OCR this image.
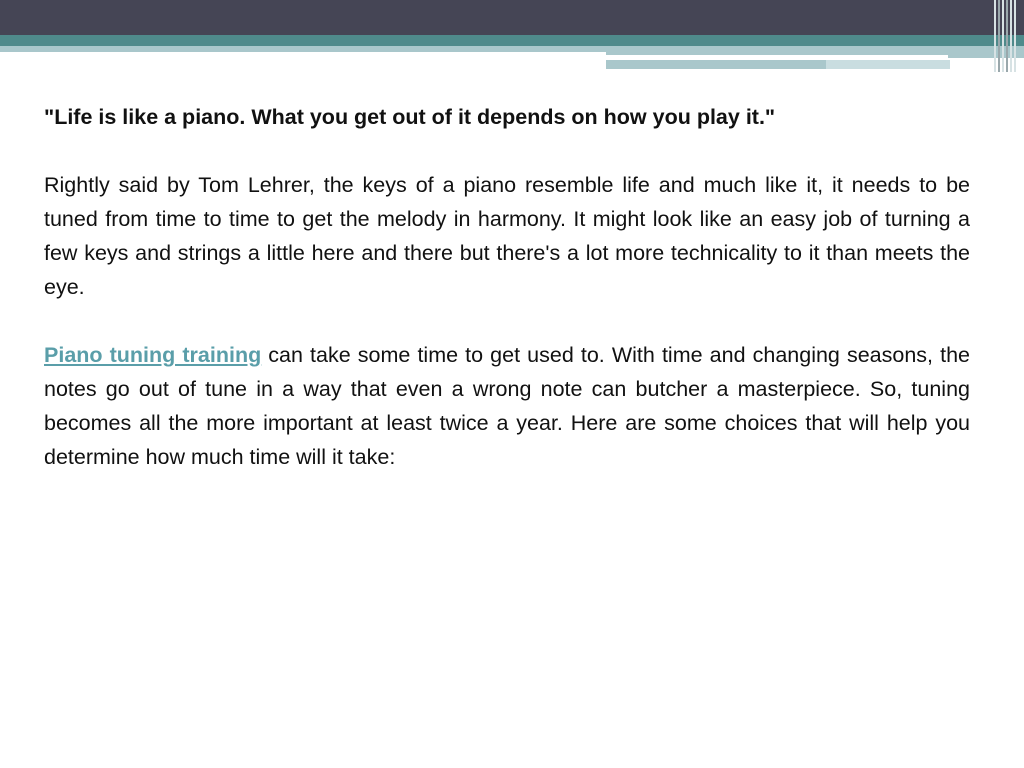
"Life is like a piano. What you get out of it depends on how you play it."

Rightly said by Tom Lehrer, the keys of a piano resemble life and much like it, it needs to be tuned from time to time to get the melody in harmony. It might look like an easy job of turning a few keys and strings a little here and there but there's a lot more technicality to it than meets the eye.

Piano tuning training can take some time to get used to. With time and changing seasons, the notes go out of tune in a way that even a wrong note can butcher a masterpiece. So, tuning becomes all the more important at least twice a year. Here are some choices that will help you determine how much time will it take:
